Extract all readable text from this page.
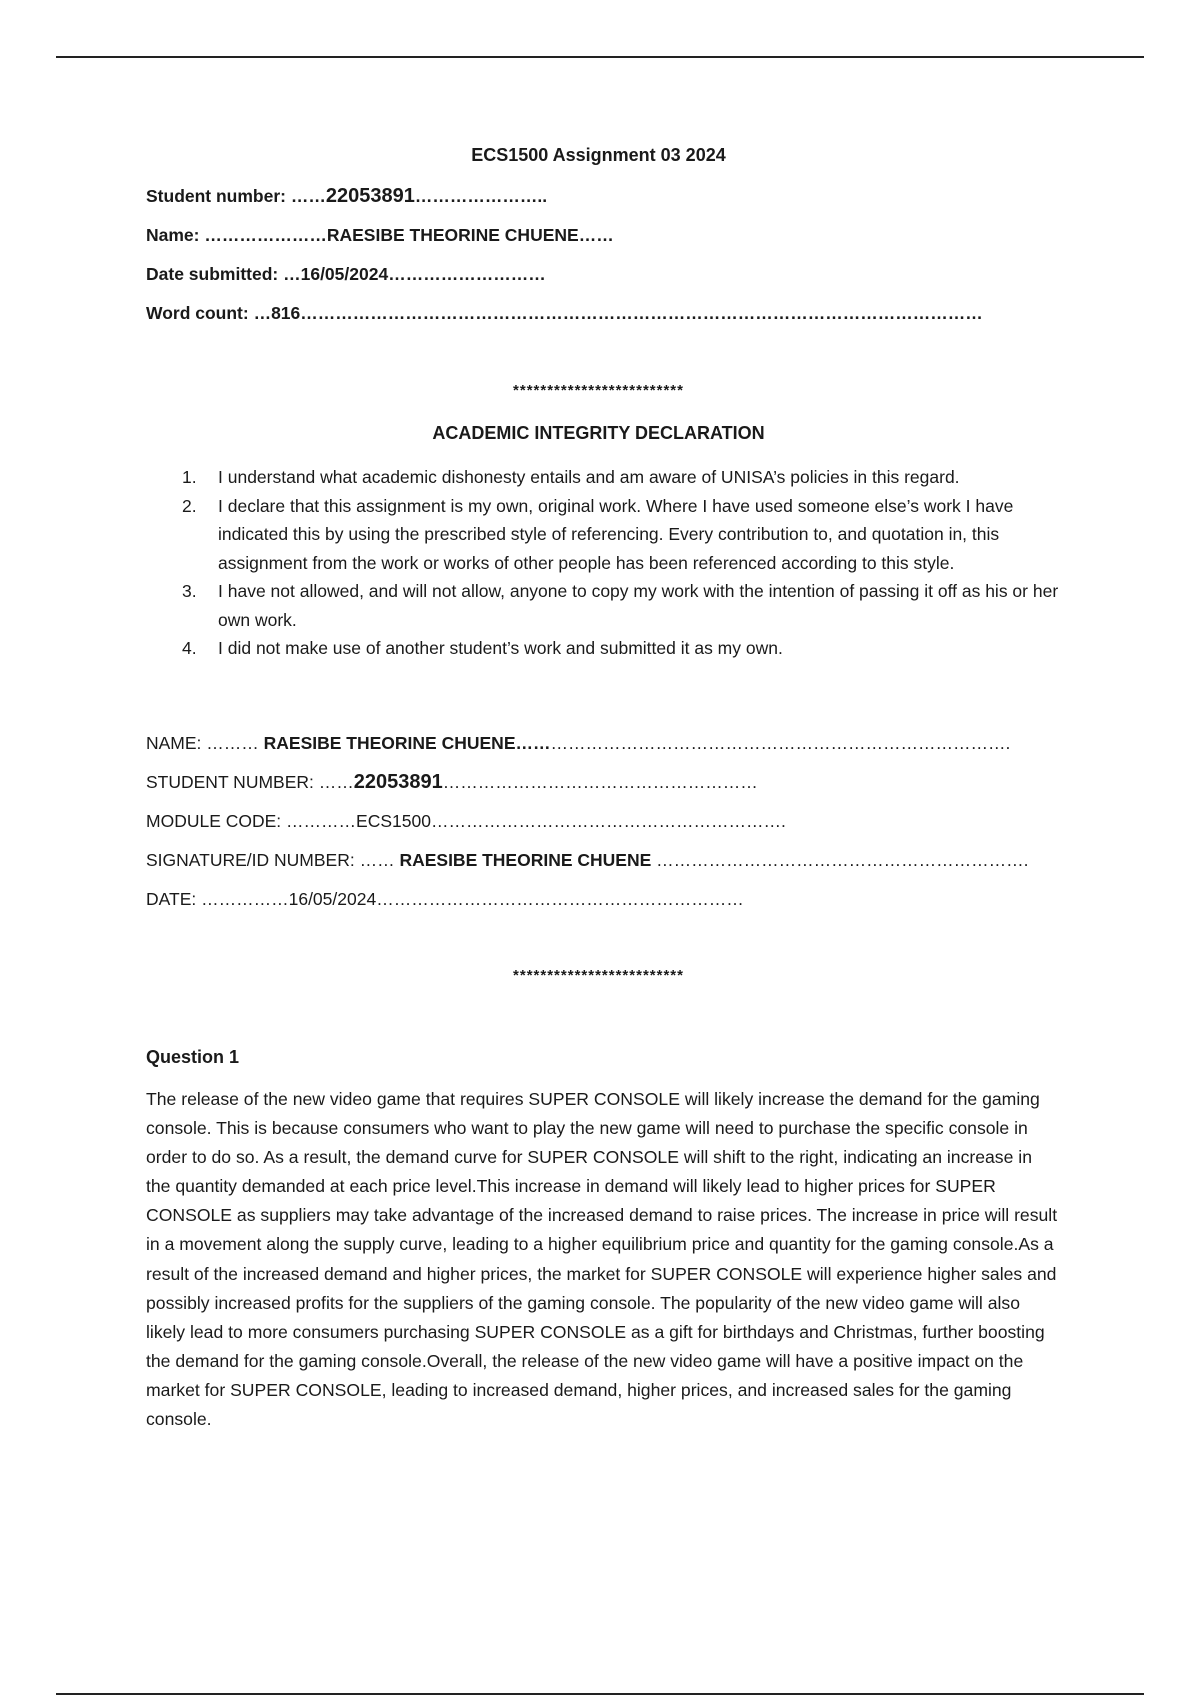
ECS1500 Assignment 03 2024
Student number: ……22053891…………………..
Name: …………………RAESIBE THEORINE CHUENE……
Date submitted: …16/05/2024………………………
Word count: …816………………………………………………………………………………………………………
*************************
ACADEMIC INTEGRITY DECLARATION
1. I understand what academic dishonesty entails and am aware of UNISA’s policies in this regard.
2. I declare that this assignment is my own, original work. Where I have used someone else’s work I have indicated this by using the prescribed style of referencing. Every contribution to, and quotation in, this assignment from the work or works of other people has been referenced according to this style.
3. I have not allowed, and will not allow, anyone to copy my work with the intention of passing it off as his or her own work.
4. I did not make use of another student’s work and submitted it as my own.
NAME: ……… RAESIBE THEORINE CHUENE………………………………………………………………………….
STUDENT NUMBER: ……22053891………………………………………………
MODULE CODE: …………ECS1500…………………………………………………….
SIGNATURE/ID NUMBER: …… RAESIBE THEORINE CHUENE ……………………………………………………….
DATE: ……………16/05/2024………………………………………………………
*************************
Question 1

The release of the new video game that requires SUPER CONSOLE will likely increase the demand for the gaming console. This is because consumers who want to play the new game will need to purchase the specific console in order to do so. As a result, the demand curve for SUPER CONSOLE will shift to the right, indicating an increase in the quantity demanded at each price level.This increase in demand will likely lead to higher prices for SUPER CONSOLE as suppliers may take advantage of the increased demand to raise prices. The increase in price will result in a movement along the supply curve, leading to a higher equilibrium price and quantity for the gaming console.As a result of the increased demand and higher prices, the market for SUPER CONSOLE will experience higher sales and possibly increased profits for the suppliers of the gaming console. The popularity of the new video game will also likely lead to more consumers purchasing SUPER CONSOLE as a gift for birthdays and Christmas, further boosting the demand for the gaming console.Overall, the release of the new video game will have a positive impact on the market for SUPER CONSOLE, leading to increased demand, higher prices, and increased sales for the gaming console.
